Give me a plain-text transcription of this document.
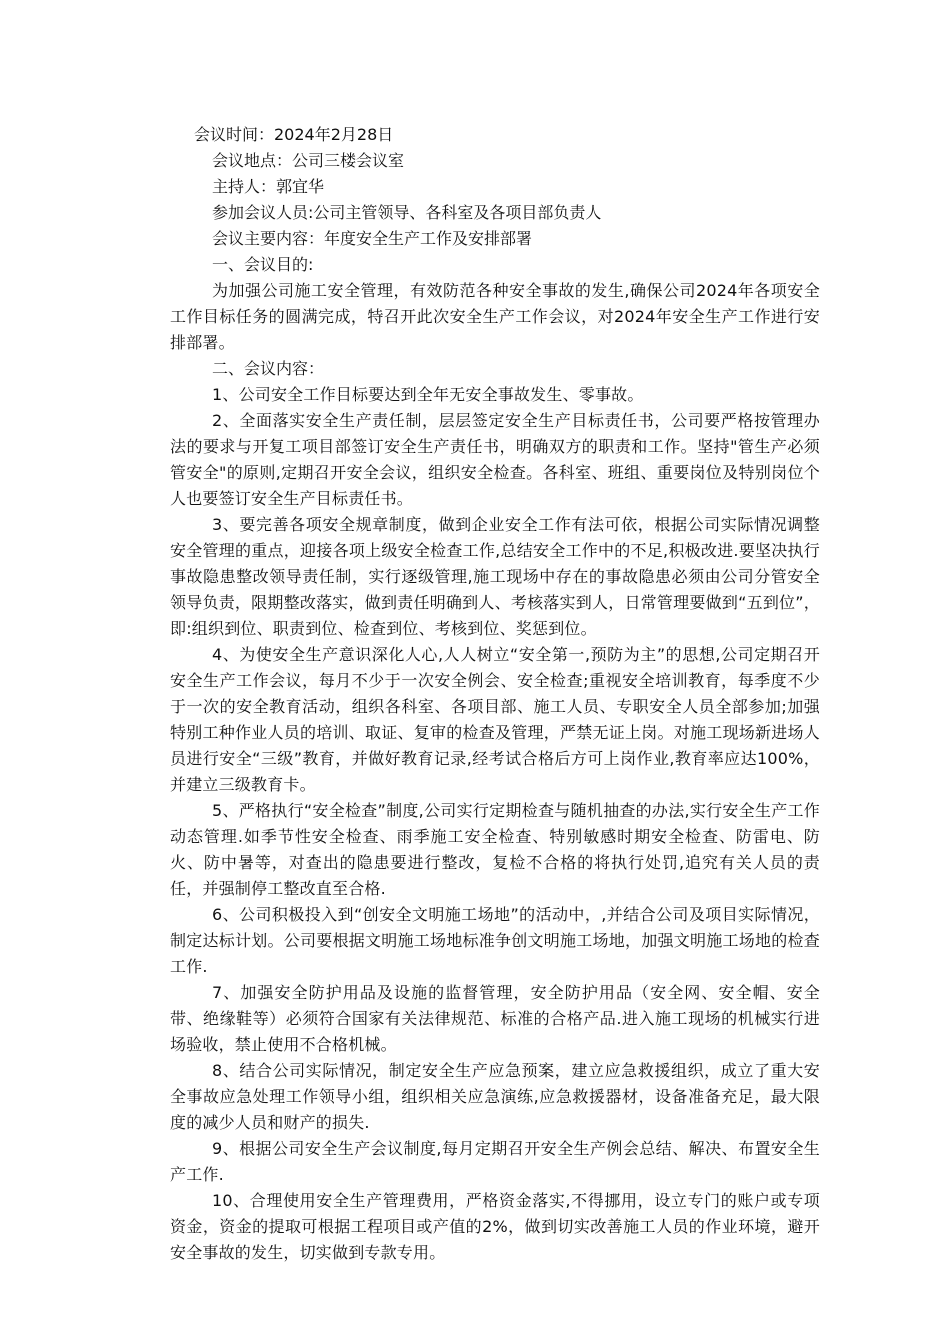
会议时间：2024年2月28日
会议地点：公司三楼会议室
主持人：郭宜华
参加会议人员:公司主管领导、各科室及各项目部负责人
会议主要内容：年度安全生产工作及安排部署

一、会议目的:

为加强公司施工安全管理，有效防范各种安全事故的发生,确保公司2024年各项安全工作目标任务的圆满完成，特召开此次安全生产工作会议，对2024年安全生产工作进行安排部署。

二、会议内容：

1、公司安全工作目标要达到全年无安全事故发生、零事故。

2、全面落实安全生产责任制，层层签定安全生产目标责任书，公司要严格按管理办法的要求与开复工项目部签订安全生产责任书，明确双方的职责和工作。坚持"管生产必须管安全"的原则,定期召开安全会议，组织安全检查。各科室、班组、重要岗位及特别岗位个人也要签订安全生产目标责任书。

3、要完善各项安全规章制度，做到企业安全工作有法可依，根据公司实际情况调整安全管理的重点，迎接各项上级安全检查工作,总结安全工作中的不足,积极改进.要坚决执行事故隐患整改领导责任制，实行逐级管理,施工现场中存在的事故隐患必须由公司分管安全领导负责，限期整改落实，做到责任明确到人、考核落实到人，日常管理要做到“五到位”，即:组织到位、职责到位、检查到位、考核到位、奖惩到位。

4、为使安全生产意识深化人心,人人树立“安全第一,预防为主”的思想,公司定期召开安全生产工作会议，每月不少于一次安全例会、安全检查;重视安全培训教育，每季度不少于一次的安全教育活动，组织各科室、各项目部、施工人员、专职安全人员全部参加;加强特别工种作业人员的培训、取证、复审的检查及管理，严禁无证上岗。对施工现场新进场人员进行安全“三级”教育，并做好教育记录,经考试合格后方可上岗作业,教育率应达100%，并建立三级教育卡。

5、严格执行“安全检查”制度,公司实行定期检查与随机抽查的办法,实行安全生产工作动态管理.如季节性安全检查、雨季施工安全检查、特别敏感时期安全检查、防雷电、防火、防中暑等，对查出的隐患要进行整改，复检不合格的将执行处罚,追究有关人员的责任，并强制停工整改直至合格.

6、公司积极投入到“创安全文明施工场地”的活动中，,并结合公司及项目实际情况，制定达标计划。公司要根据文明施工场地标准争创文明施工场地，加强文明施工场地的检查工作.

7、加强安全防护用品及设施的监督管理，安全防护用品（安全网、安全帽、安全带、绝缘鞋等）必须符合国家有关法律规范、标准的合格产品.进入施工现场的机械实行进场验收，禁止使用不合格机械。

8、结合公司实际情况，制定安全生产应急预案，建立应急救援组织，成立了重大安全事故应急处理工作领导小组，组织相关应急演练,应急救援器材，设备准备充足，最大限度的减少人员和财产的损失.

9、根据公司安全生产会议制度,每月定期召开安全生产例会总结、解决、布置安全生产工作.

10、合理使用安全生产管理费用，严格资金落实,不得挪用，设立专门的账户或专项资金，资金的提取可根据工程项目或产值的2%，做到切实改善施工人员的作业环境，避开安全事故的发生，切实做到专款专用。
